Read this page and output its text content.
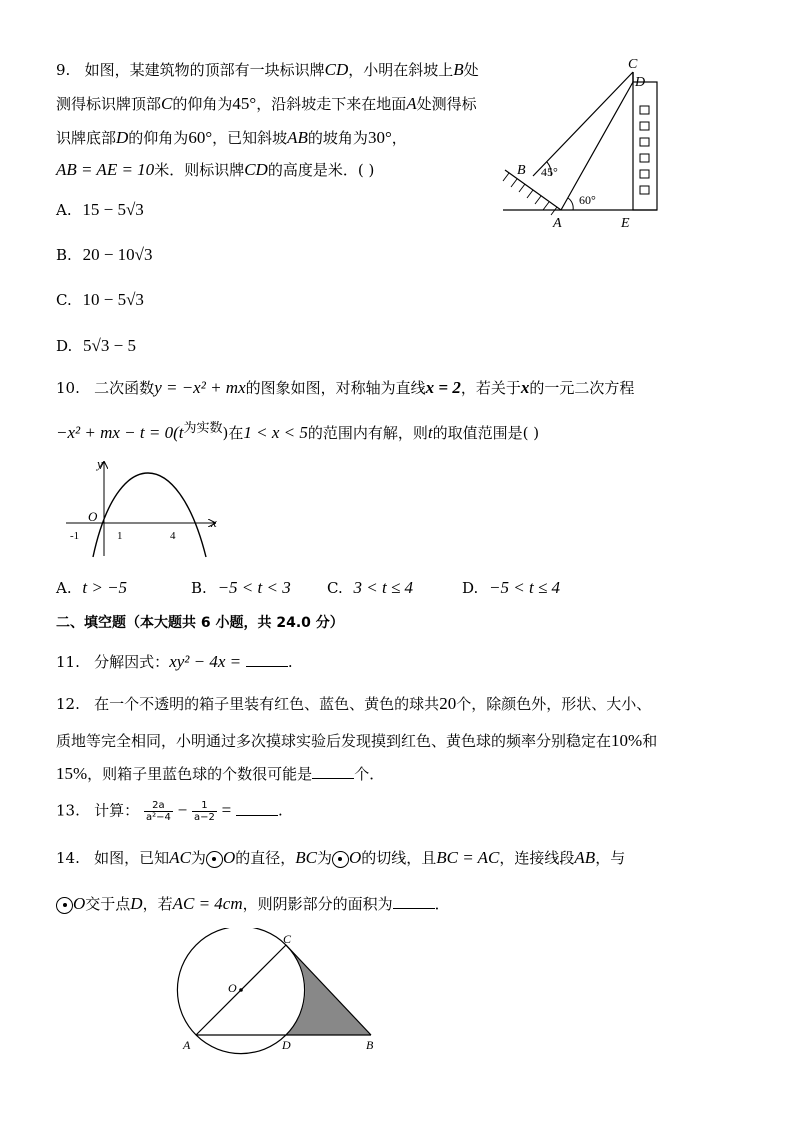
9. 如图，某建筑物的顶部有一块标识牌CD，小明在斜坡上B处
测得标识牌顶部C的仰角为45°，沿斜坡走下来在地面A处测得标
识牌底部D的仰角为60°，已知斜坡AB的坡角为30°，
AB = AE = 10米．则标识牌CD的高度是米．( )
A. 15 − 5√3
B. 20 − 10√3
C. 10 − 5√3
D. 5√3 − 5
C
D
B
A	E
45°
60°
10. 二次函数y = −x² + mx的图象如图，对称轴为直线x = 2，若关于x的一元二次方程
−x² + mx − $t = 0(t^{为实数})$在1 < x < 5的范围内有解，则t的取值范围是( )
y
x
O
-1	1	4
A. t > −5	B. −5 < t < 3 C. 3 < t ≤ 4	D. −5 < t ≤ 4
二、填空题（本大题共 6 小题，共 24.0 分）
11. 分解因式：xy² − 4x =	.
12. 在一个不透明的箱子里装有红色、蓝色、黄色的球共20个，除颜色外，形状、大小、
质地等完全相同，小明通过多次摸球实验后发现摸到红色、黄色球的频率分别稳定在10%和
15%，则箱子里蓝色球的个数很可能是	个．
13. 计算： $\frac{2a}{\text{a²−4}} - \frac{1}{a-2}$ =	.
14. 如图，已知AC为 O的直径，BC为 O的切线，且BC = AC，连接线段AB，与
O交于点D，若AC = 4cm，则阴影部分的面积为	．
C
O
A	D	B
